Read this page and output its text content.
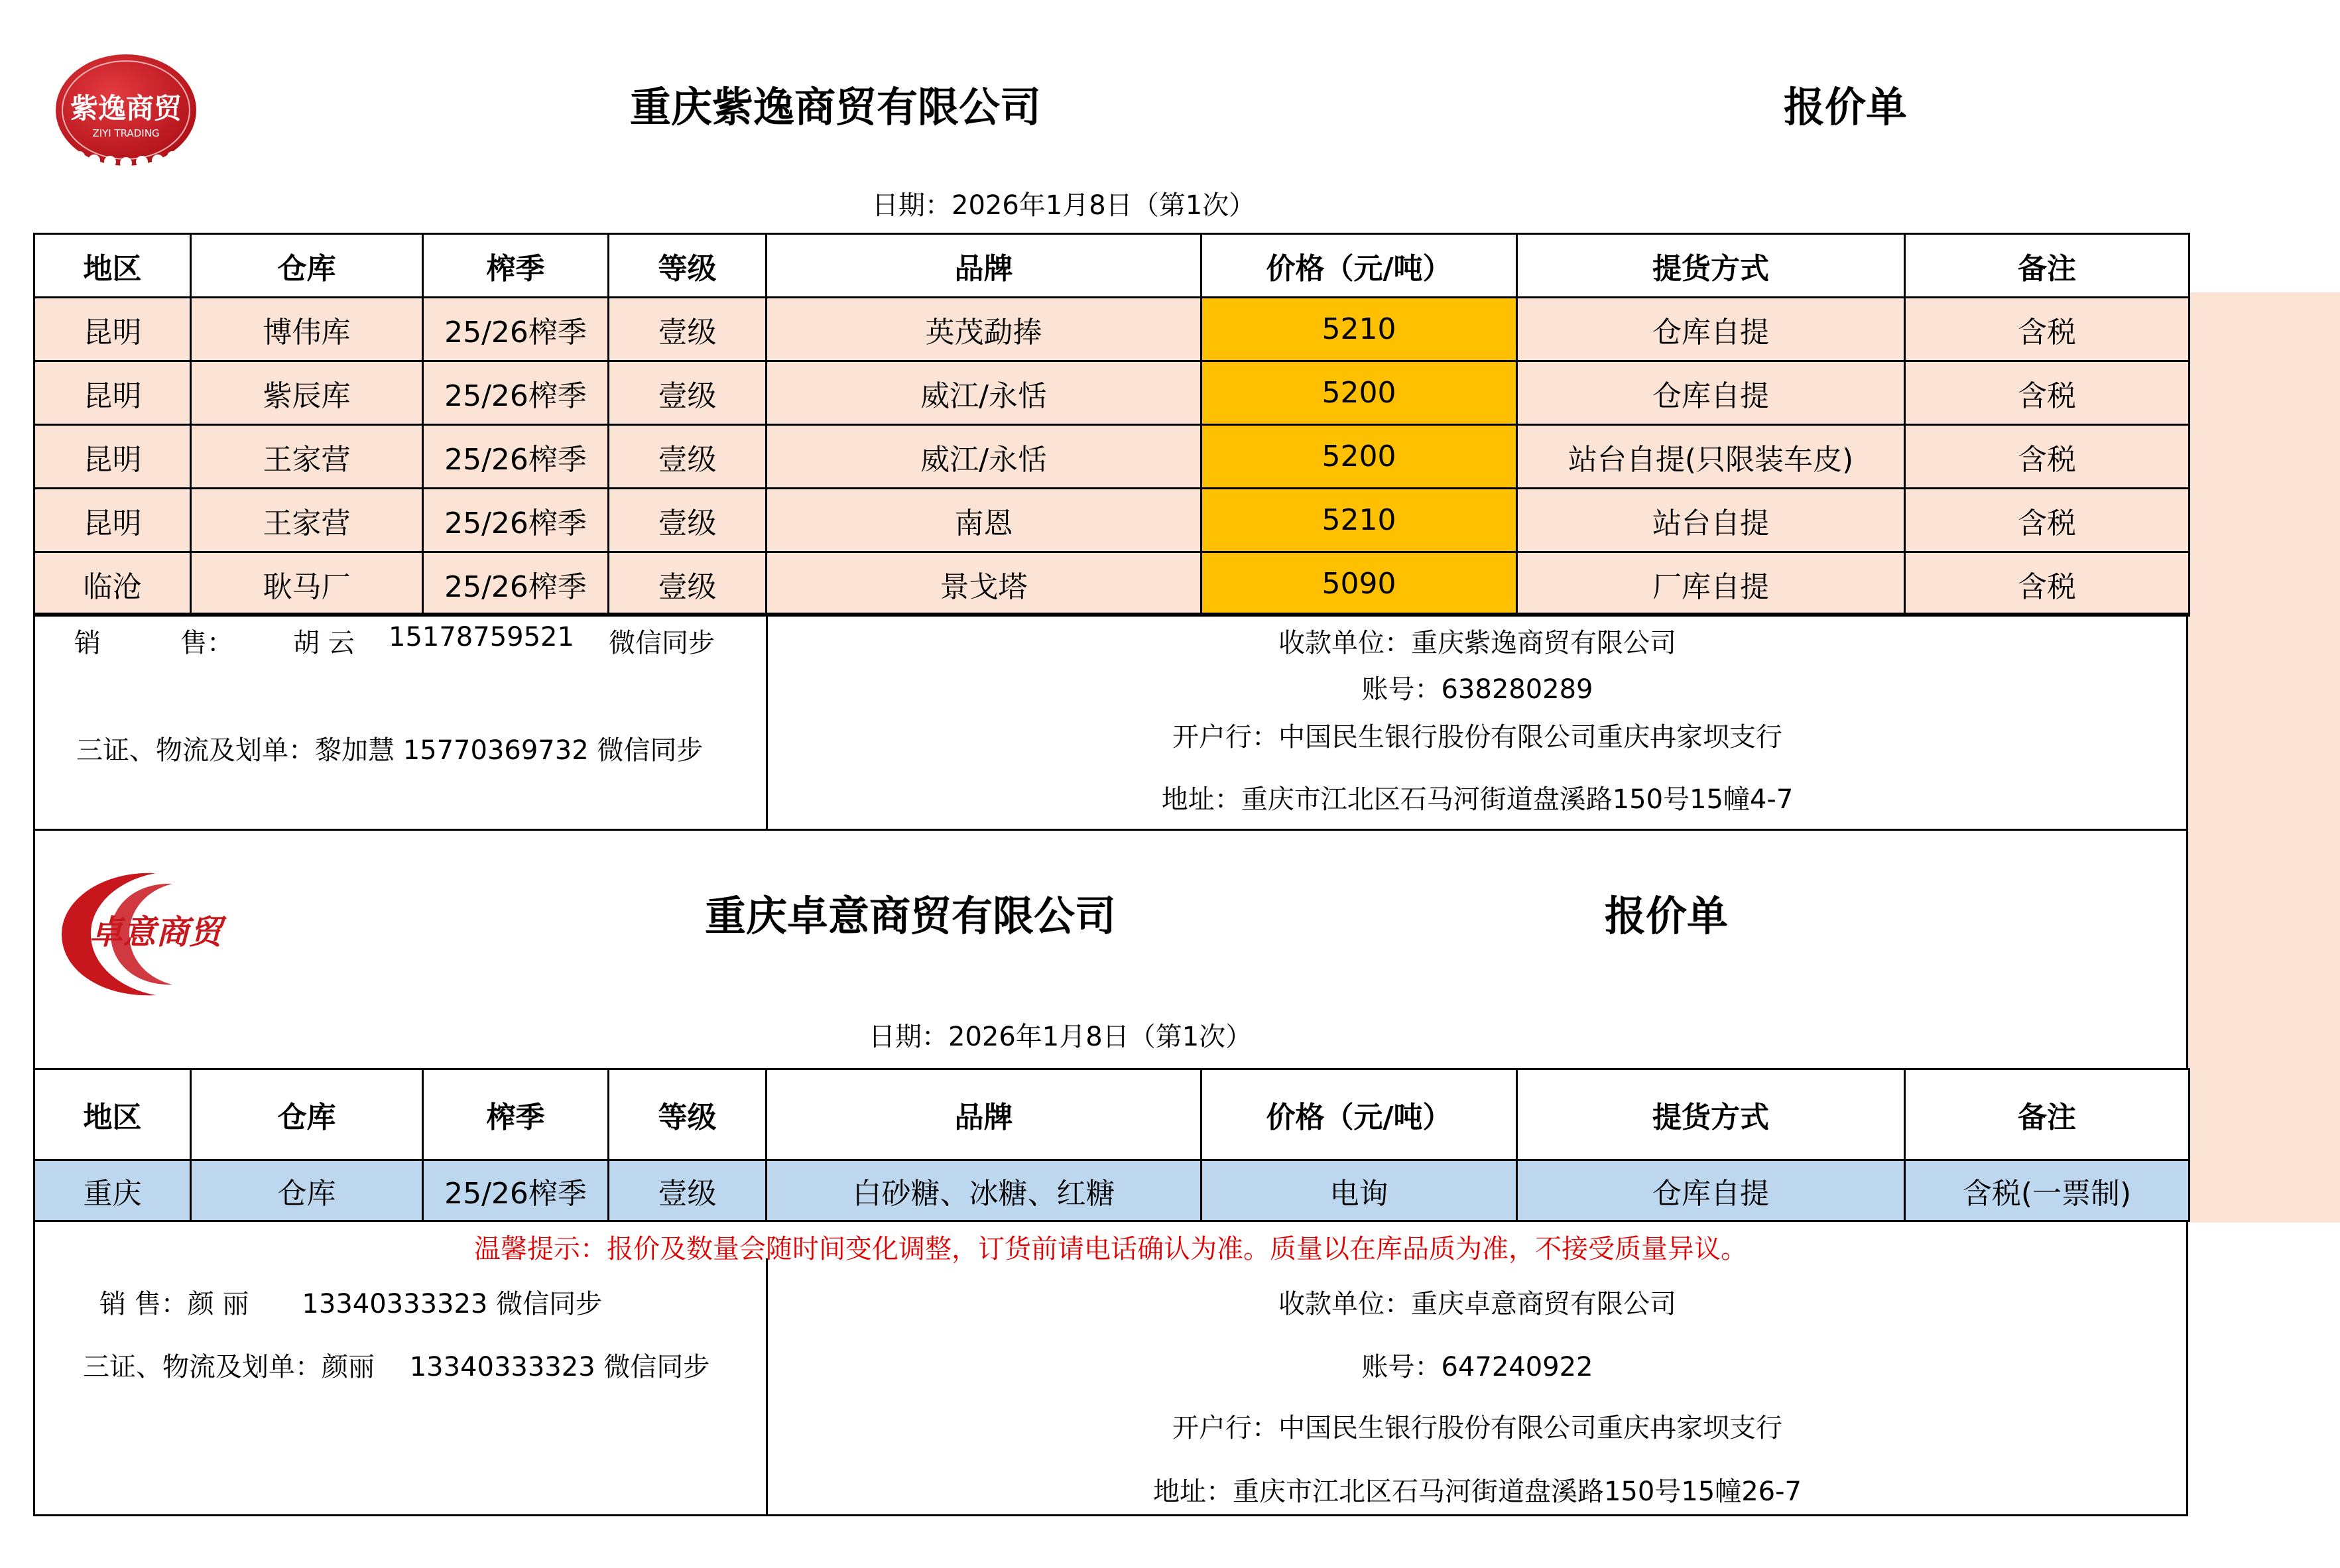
紫逸商贸
ZIYI TRADING
重庆紫逸商贸有限公司	报价单
日期：2026年1月8日（第1次）
地区	仓库	榨季	等级	品牌	价格（元/吨）	提货方式	备注
昆明	博伟库	25/26榨季	壹级	英茂勐捧	5210	仓库自提	含税
昆明	紫辰库	25/26榨季	壹级	威江/永恬	5200	仓库自提	含税
昆明	王家营	25/26榨季	壹级	威江/永恬	5200	站台自提(只限装车皮)	含税
昆明	王家营	25/26榨季	壹级	南恩	5210	站台自提	含税
临沧	耿马厂	25/26榨季	壹级	景戈塔	5090	厂库自提	含税
销　　　售： 胡 云 15178759521 微信同步
三证、物流及划单：黎加慧 15770369732 微信同步
收款单位：重庆紫逸商贸有限公司
账号：638280289
开户行：中国民生银行股份有限公司重庆冉家坝支行
地址：重庆市江北区石马河街道盘溪路150号15幢4-7
卓意商贸	重庆卓意商贸有限公司	报价单
日期：2026年1月8日（第1次）
地区	仓库	榨季	等级	品牌	价格（元/吨）	提货方式	备注
重庆	仓库	25/26榨季	壹级	白砂糖、冰糖、红糖	电询	仓库自提	含税(一票制)
温馨提示：报价及数量会随时间变化调整，订货前请电话确认为准。质量以在库品质为准，不接受质量异议。
销 售：颜 丽　　13340333323 微信同步
三证、物流及划单：颜丽　 13340333323 微信同步
收款单位：重庆卓意商贸有限公司
账号：647240922
开户行：中国民生银行股份有限公司重庆冉家坝支行
地址：重庆市江北区石马河街道盘溪路150号15幢26-7
